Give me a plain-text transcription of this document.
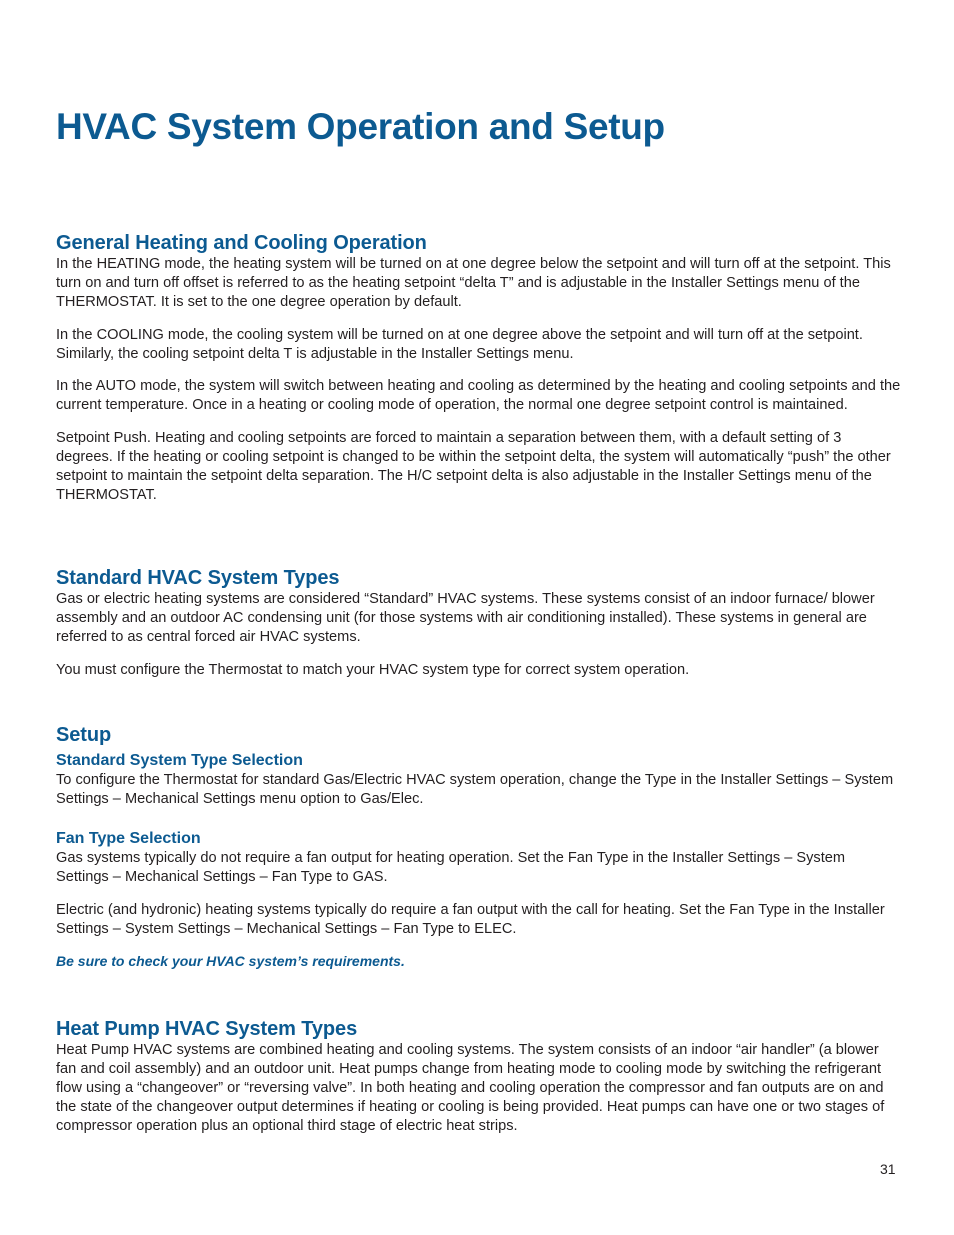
HVAC System Operation and Setup
General Heating and Cooling Operation

In the HEATING mode, the heating system will be turned on at one degree below the setpoint and will turn off at the setpoint. This turn on and turn off offset is referred to as the heating setpoint “delta T” and is adjustable in the Installer Settings menu of the THERMOSTAT. It is set to the one degree operation by default.

In the COOLING mode, the cooling system will be turned on at one degree above the setpoint and will turn off at the setpoint. Similarly, the cooling setpoint delta T is adjustable in the Installer Settings menu.

In the AUTO mode, the system will switch between heating and cooling as determined by the heating and cooling setpoints and the current temperature. Once in a heating or cooling mode of operation, the normal one degree setpoint control is maintained.

Setpoint Push. Heating and cooling setpoints are forced to maintain a separation between them, with a default setting of 3 degrees. If the heating or cooling setpoint is changed to be within the setpoint delta, the system will automatically “push” the other setpoint to maintain the setpoint delta separation. The H/C setpoint delta is also adjustable in the Installer Settings menu of the THERMOSTAT.

Standard HVAC System Types

Gas or electric heating systems are considered “Standard” HVAC systems. These systems consist of an indoor furnace/ blower assembly and an outdoor AC condensing unit (for those systems with air conditioning installed). These systems in general are referred to as central forced air HVAC systems.

You must configure the Thermostat to match your HVAC system type for correct system operation.

Setup
Standard System Type Selection

To configure the Thermostat for standard Gas/Electric HVAC system operation, change the Type in the Installer Settings – System Settings – Mechanical Settings menu option to Gas/Elec.

Fan Type Selection

Gas systems typically do not require a fan output for heating operation. Set the Fan Type in the Installer Settings – System Settings – Mechanical Settings – Fan Type to GAS.

Electric (and hydronic) heating systems typically do require a fan output with the call for heating. Set the Fan Type in the Installer Settings – System Settings – Mechanical Settings – Fan Type to ELEC.

Be sure to check your HVAC system’s requirements.

Heat Pump HVAC System Types

Heat Pump HVAC systems are combined heating and cooling systems. The system consists of an indoor “air handler” (a blower fan and coil assembly) and an outdoor unit. Heat pumps change from heating mode to cooling mode by switching the refrigerant flow using a “changeover” or “reversing valve”. In both heating and cooling operation the compressor and fan outputs are on and the state of the changeover output determines if heating or cooling is being provided. Heat pumps can have one or two stages of compressor operation plus an optional third stage of electric heat strips.

31
